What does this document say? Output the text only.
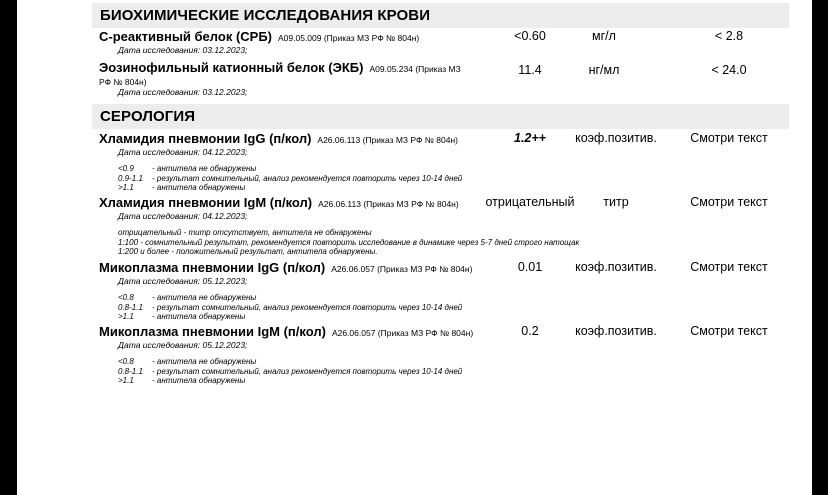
БИОХИМИЧЕСКИЕ ИССЛЕДОВАНИЯ КРОВИ
С-реактивный белок (СРБ) A09.05.009 (Приказ МЗ РФ № 804н)	<0.60	мг/л	< 2.8
Дата исследования: 03.12.2023;
Эозинофильный катионный белок (ЭКБ) A09.05.234 (Приказ МЗ РФ № 804н)
11.4	нг/мл	< 24.0
Дата исследования: 03.12.2023;
СЕРОЛОГИЯ
Хламидия пневмонии IgG (п/кол) A26.06.113 (Приказ МЗ РФ № 804н)	1.2++	коэф.позитив.	Смотри текст
Дата исследования: 04.12.2023;
<0.9	- антитела не обнаружены
0.9-1.1	- результат сомнительный, анализ рекомендуется повторить через 10-14 дней
>1.1	- антитела обнаружены
Хламидия пневмонии IgM (п/кол) A26.06.113 (Приказ МЗ РФ № 804н)	отрицательный	титр	Смотри текст
Дата исследования: 04.12.2023;
отрицательный - титр отсутствует, антитела не обнаружены
1:100 - сомнительный результат, рекомендуется повторить исследование в динамике через 5-7 дней строго натощак
1:200 и более - положительный результат, антитела обнаружены.
Микоплазма пневмонии IgG (п/кол) A26.06.057 (Приказ МЗ РФ № 804н)	0.01	коэф.позитив.	Смотри текст
Дата исследования: 05.12.2023;
<0.8	- антитела не обнаружены
0.8-1.1	- результат сомнительный, анализ рекомендуется повторить через 10-14 дней
>1.1	- антитела обнаружены
Микоплазма пневмонии IgM (п/кол) A26.06.057 (Приказ МЗ РФ № 804н)	0.2	коэф.позитив.	Смотри текст
Дата исследования: 05.12.2023;
<0.8	- антитела не обнаружены
0.8-1.1	- результат сомнительный, анализ рекомендуется повторить через 10-14 дней
>1.1	- антитела обнаружены
